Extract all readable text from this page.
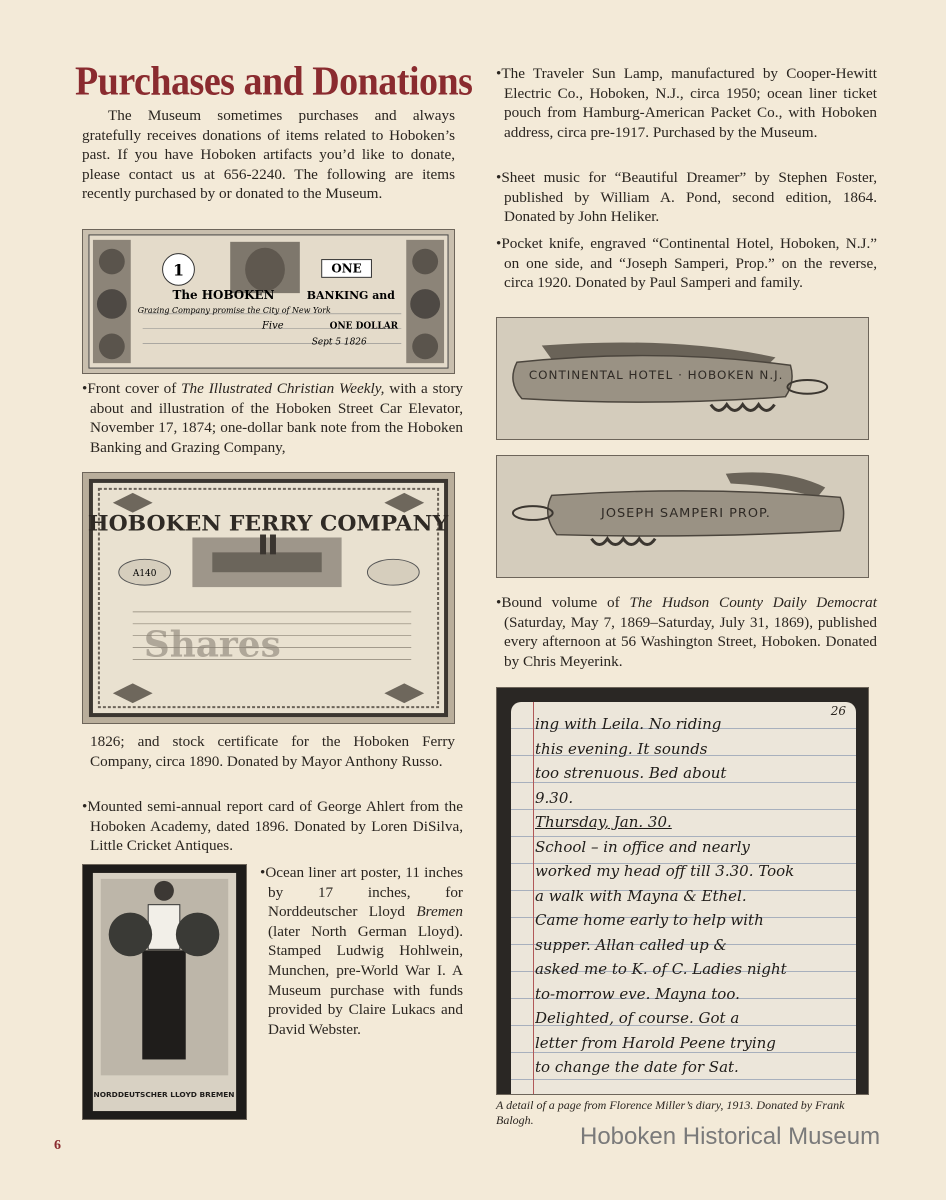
Purchases and Donations
The Museum sometimes purchases and always gratefully receives donations of items related to Hoboken’s past. If you have Hoboken artifacts you’d like to donate, please contact us at 656-2240. The following are items recently purchased by or donated to the Museum.
1	ONE
The HOBOKEN	BANKING and
Grazing Company promise the City of New York
Five	ONE DOLLAR
Sept 5 1826
• Front cover of The Illustrated Christian Weekly, with a story about and illustration of the Hoboken Street Car Elevator, November 17, 1874; one-dollar bank note from the Hoboken Banking and Grazing Company,
HOBOKEN FERRY COMPANY
A140
Shares
1826; and stock certificate for the Hoboken Ferry Company, circa 1890. Donated by Mayor Anthony Russo.
• Mounted semi-annual report card of George Ahlert from the Hoboken Academy, dated 1896. Donated by Loren DiSilva, Little Cricket Antiques.
NORDDEUTSCHER LLOYD BREMEN
• Ocean liner art poster, 11 inches by 17 inches, for Norddeutscher Lloyd Bremen (later North German Lloyd). Stamped Ludwig Hohlwein, Munchen, pre-World War I. A Museum purchase with funds provided by Claire Lukacs and David Webster.
• The Traveler Sun Lamp, manufactured by Cooper-Hewitt Electric Co., Hoboken, N.J., circa 1950; ocean liner ticket pouch from Hamburg-American Packet Co., with Hoboken address, circa pre-1917. Purchased by the Museum.
• Sheet music for “Beautiful Dreamer” by Stephen Foster, published by William A. Pond, second edition, 1864. Donated by John Heliker.
• Pocket knife, engraved “Continental Hotel, Hoboken, N.J.” on one side, and “Joseph Samperi, Prop.” on the reverse, circa 1920. Donated by Paul Samperi and family.
CONTINENTAL HOTEL · HOBOKEN N.J.
JOSEPH SAMPERI PROP.
• Bound volume of The Hudson County Daily Democrat (Saturday, May 7, 1869–Saturday, July 31, 1869), published every afternoon at 56 Washington Street, Hoboken. Donated by Chris Meyerink.
26
ing with Leila. No riding
this evening. It sounds
too strenuous. Bed about
9.30.
Thursday, Jan. 30.
School – in office and nearly
worked my head off till 3.30. Took
a walk with Mayna & Ethel.
Came home early to help with
supper. Allan called up &
asked me to K. of C. Ladies night
to-morrow eve. Mayna too.
Delighted, of course. Got a
letter from Harold Peene trying
to change the date for Sat.
A detail of a page from Florence Miller’s diary, 1913. Donated by Frank Balogh.
6	Hoboken Historical Museum
